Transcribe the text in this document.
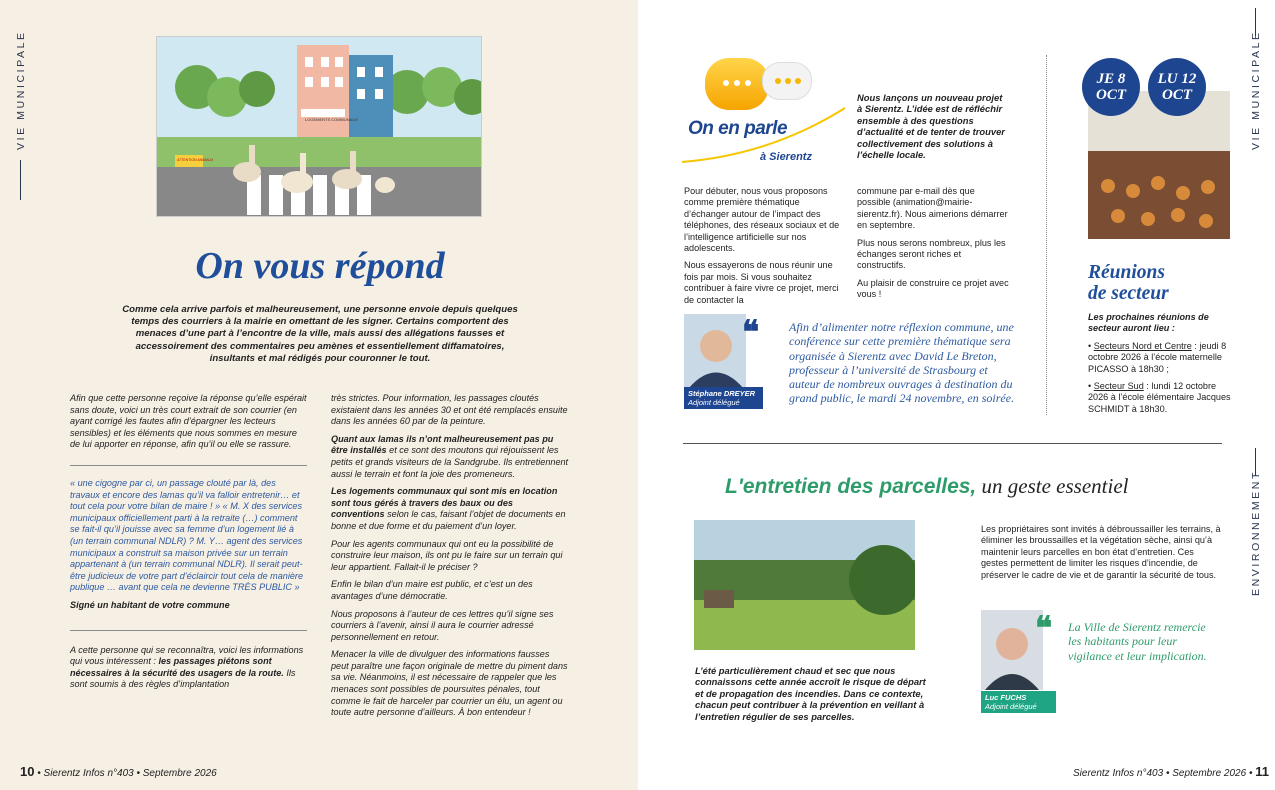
VIE MUNICIPALE	LOGEMENTS COMMUNAUX
ATTENTION ANIMAUX
On vous répond
Comme cela arrive parfois et malheureusement, une personne envoie depuis quelques temps des courriers à la mairie en omettant de les signer. Certains comportent des menaces d’une part à l’encontre de la ville, mais aussi des allégations fausses et accessoirement des commentaires peu amènes et essentiellement diffamatoires, insultants et mal rédigés pour couronner le tout.

Afin que cette personne reçoive la réponse qu’elle espérait sans doute, voici un très court extrait de son courrier (en ayant corrigé les fautes afin d’épargner les lecteurs sensibles) et les éléments que nous sommes en mesure de lui apporter en réponse, afin qu’il ou elle se rassure.

« une cigogne par ci, un passage clouté par là, des travaux et encore des lamas qu’il va falloir entretenir… et tout cela pour votre bilan de maire ! » « M. X des services municipaux officiellement parti à la retraite (…) comment se fait-il qu’il jouisse avec sa femme d’un logement lié à (un terrain communal NDLR) ? M. Y… agent des services municipaux a construit sa maison privée sur un terrain appartenant à (un terrain communal NDLR). Il serait peut-être judicieux de votre part d’éclaircir tout cela de manière publique … avant que cela ne devienne TRÈS PUBLIC »

Signé un habitant de votre commune

A cette personne qui se reconnaîtra, voici les informations qui vous intéressent : les passages piétons sont nécessaires à la sécurité des usagers de la route. Ils sont soumis à des règles d’implantation

très strictes. Pour information, les passages cloutés existaient dans les années 30 et ont été remplacés ensuite dans les années 60 par de la peinture.

Quant aux lamas ils n’ont malheureusement pas pu être installés et ce sont des moutons qui réjouissent les petits et grands visiteurs de la Sandgrube. Ils entretiennent aussi le terrain et font la joie des promeneurs.

Les logements communaux qui sont mis en location sont tous gérés à travers des baux ou des conventions selon le cas, faisant l’objet de documents en bonne et due forme et du paiement d’un loyer.

Pour les agents communaux qui ont eu la possibilité de construire leur maison, ils ont pu le faire sur un terrain qui leur appartient. Fallait-il le préciser ?

Enfin le bilan d’un maire est public, et c’est un des avantages d’une démocratie.

Nous proposons à l’auteur de ces lettres qu’il signe ses courriers à l’avenir, ainsi il aura le courrier adressé personnellement en retour.

Menacer la ville de divulguer des informations fausses peut paraître une façon originale de mettre du piment dans sa vie. Néanmoins, il est nécessaire de rappeler que les menaces sont possibles de poursuites pénales, tout comme le fait de harceler par courrier un élu, un agent ou toute autre personne d’ailleurs. À bon entendeur !

10 • Sierentz Infos n°403 • Septembre 2026
On en parle
à Sierentz
Nous lançons un nouveau projet à Sierentz. L’idée est de réfléchir ensemble à des questions d’actualité et de tenter de trouver collectivement des solutions à l’échelle locale.

Pour débuter, nous vous proposons comme première thématique d’échanger autour de l’impact des téléphones, des réseaux sociaux et de l’intelligence artificielle sur nos adolescents.

Nous essayerons de nous réunir une fois par mois. Si vous souhaitez contribuer à faire vivre ce projet, merci de contacter la

commune par e-mail dès que possible (animation@mairie-sierentz.fr). Nous aimerions démarrer en septembre.

Plus nous serons nombreux, plus les échanges seront riches et constructifs.

Au plaisir de construire ce projet avec vous !

Stéphane DREYER
Adjoint délégué
❝ Afin d’alimenter notre réflexion commune, une conférence sur cette première thématique sera organisée à Sierentz avec David Le Breton, professeur à l’université de Strasbourg et auteur de nombreux ouvrages à destination du grand public, le mardi 24 novembre, en soirée.
JE 8
OCT
LU 12
OCT
Réunions
de secteur

Les prochaines réunions de secteur auront lieu :

• Secteurs Nord et Centre : jeudi 8 octobre 2026 à l’école maternelle PICASSO à 18h30 ;

• Secteur Sud : lundi 12 octobre 2026 à l’école élémentaire Jacques SCHMIDT à 18h30.

VIE MUNICIPALE
ENVIRONNEMENT
L'entretien des parcelles, un geste essentiel
L’été particulièrement chaud et sec que nous connaissons cette année accroît le risque de départ et de propagation des incendies. Dans ce contexte, chacun peut contribuer à la prévention en veillant à l’entretien régulier de ses parcelles.
Les propriétaires sont invités à débroussailler les terrains, à éliminer les broussailles et la végétation sèche, ainsi qu’à maintenir leurs parcelles en bon état d’entretien. Ces gestes permettent de limiter les risques d’incendie, de préserver le cadre de vie et de garantir la sécurité de tous.
Luc FUCHS
Adjoint délégué
❝ La Ville de Sierentz remercie les habitants pour leur vigilance et leur implication.
Sierentz Infos n°403 • Septembre 2026 • 11
